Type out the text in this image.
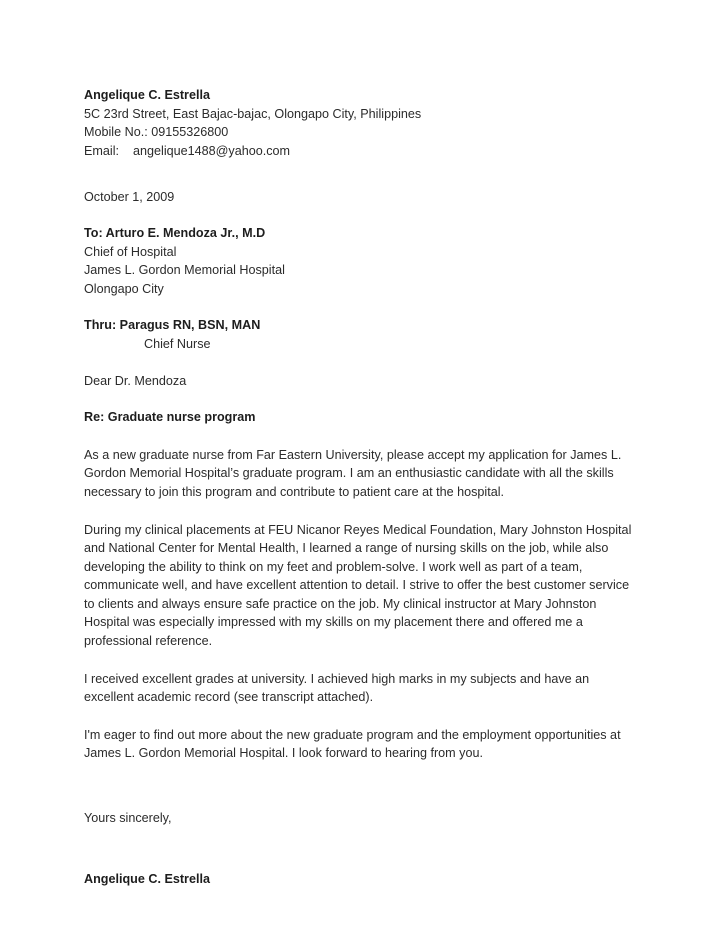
Angelique C. Estrella
5C 23rd Street, East Bajac-bajac, Olongapo City, Philippines
Mobile No.: 09155326800
Email: angelique1488@yahoo.com
October 1, 2009
To: Arturo E. Mendoza Jr., M.D
Chief of Hospital
James L. Gordon Memorial Hospital
Olongapo City
Thru: Paragus RN, BSN, MAN
Chief Nurse
Dear Dr. Mendoza
Re: Graduate nurse program

As a new graduate nurse from Far Eastern University, please accept my application for James L. Gordon Memorial Hospital’s graduate program. I am an enthusiastic candidate with all the skills necessary to join this program and contribute to patient care at the hospital.

During my clinical placements at FEU Nicanor Reyes Medical Foundation, Mary Johnston Hospital and National Center for Mental Health, I learned a range of nursing skills on the job, while also developing the ability to think on my feet and problem-solve. I work well as part of a team, communicate well, and have excellent attention to detail. I strive to offer the best customer service to clients and always ensure safe practice on the job. My clinical instructor at Mary Johnston Hospital was especially impressed with my skills on my placement there and offered me a professional reference.

I received excellent grades at university. I achieved high marks in my subjects and have an excellent academic record (see transcript attached).

I'm eager to find out more about the new graduate program and the employment opportunities at James L. Gordon Memorial Hospital. I look forward to hearing from you.

Yours sincerely,
Angelique C. Estrella
